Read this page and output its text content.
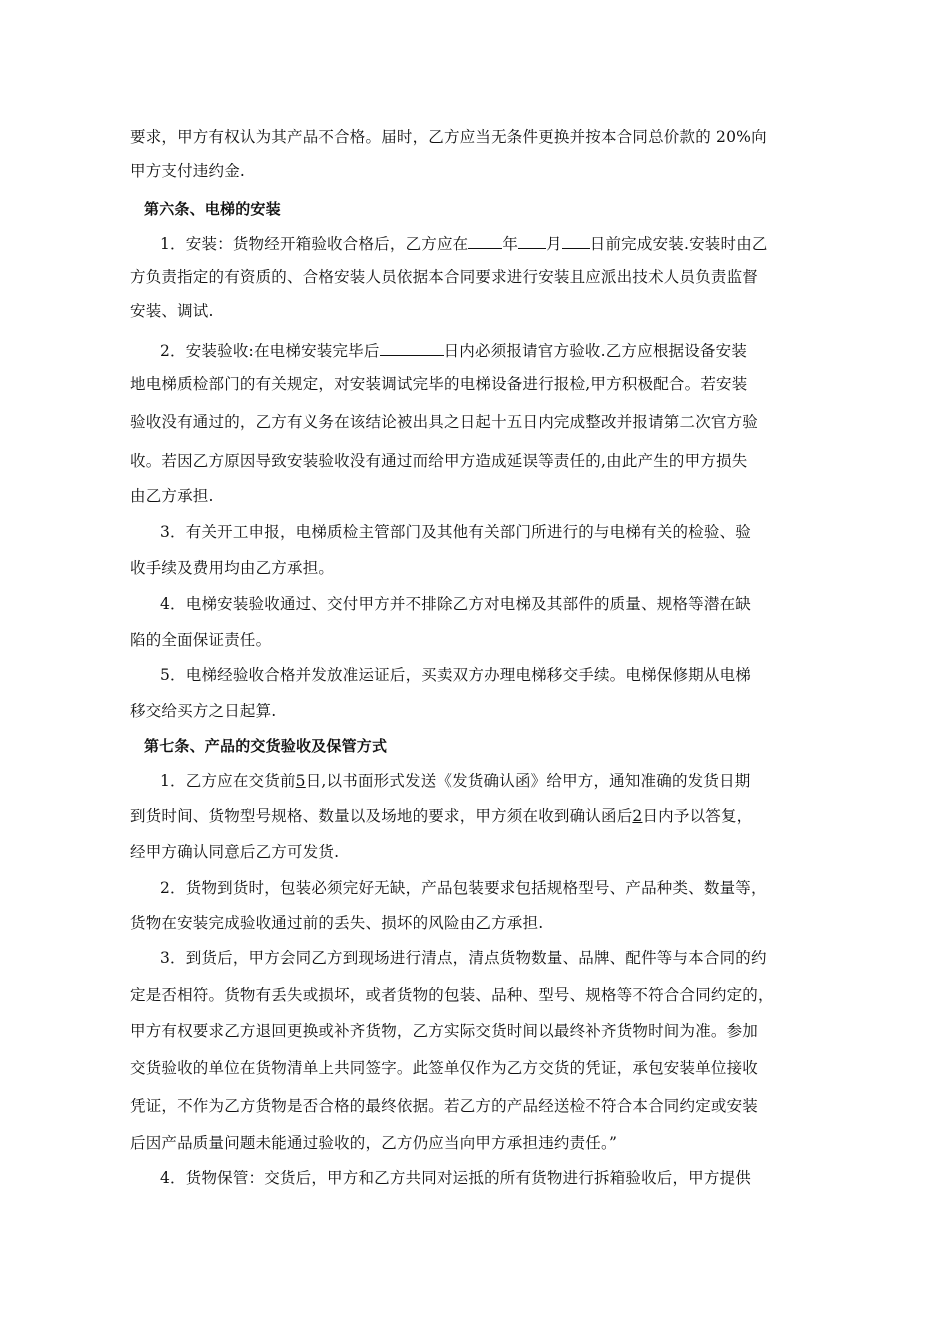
要求，甲方有权认为其产品不合格。届时，乙方应当无条件更换并按本合同总价款的 20%向
甲方支付违约金.
第六条、电梯的安装
1．安装：货物经开箱验收合格后，乙方应在 年 月 日前完成安装.安装时由乙
方负责指定的有资质的、合格安装人员依据本合同要求进行安装且应派出技术人员负责监督
安装、调试.
2．安装验收:在电梯安装完毕后	日内必须报请官方验收.乙方应根据设备安装
地电梯质检部门的有关规定，对安装调试完毕的电梯设备进行报检,甲方积极配合。若安装
验收没有通过的，乙方有义务在该结论被出具之日起十五日内完成整改并报请第二次官方验
收。若因乙方原因导致安装验收没有通过而给甲方造成延误等责任的,由此产生的甲方损失
由乙方承担.
3．有关开工申报，电梯质检主管部门及其他有关部门所进行的与电梯有关的检验、验
收手续及费用均由乙方承担。
4．电梯安装验收通过、交付甲方并不排除乙方对电梯及其部件的质量、规格等潜在缺
陷的全面保证责任。
5．电梯经验收合格并发放准运证后，买卖双方办理电梯移交手续。电梯保修期从电梯
移交给买方之日起算.
第七条、产品的交货验收及保管方式
1．乙方应在交货前5日,以书面形式发送《发货确认函》给甲方，通知准确的发货日期
到货时间、货物型号规格、数量以及场地的要求，甲方须在收到确认函后2日内予以答复，
经甲方确认同意后乙方可发货.
2．货物到货时，包装必须完好无缺，产品包装要求包括规格型号、产品种类、数量等，
货物在安装完成验收通过前的丢失、损坏的风险由乙方承担.
3．到货后，甲方会同乙方到现场进行清点，清点货物数量、品牌、配件等与本合同的约
定是否相符。货物有丢失或损坏，或者货物的包装、品种、型号、规格等不符合合同约定的，
甲方有权要求乙方退回更换或补齐货物，乙方实际交货时间以最终补齐货物时间为准。参加
交货验收的单位在货物清单上共同签字。此签单仅作为乙方交货的凭证，承包安装单位接收
凭证，不作为乙方货物是否合格的最终依据。若乙方的产品经送检不符合本合同约定或安装
后因产品质量问题未能通过验收的，乙方仍应当向甲方承担违约责任。”
4．货物保管：交货后，甲方和乙方共同对运抵的所有货物进行拆箱验收后，甲方提供
